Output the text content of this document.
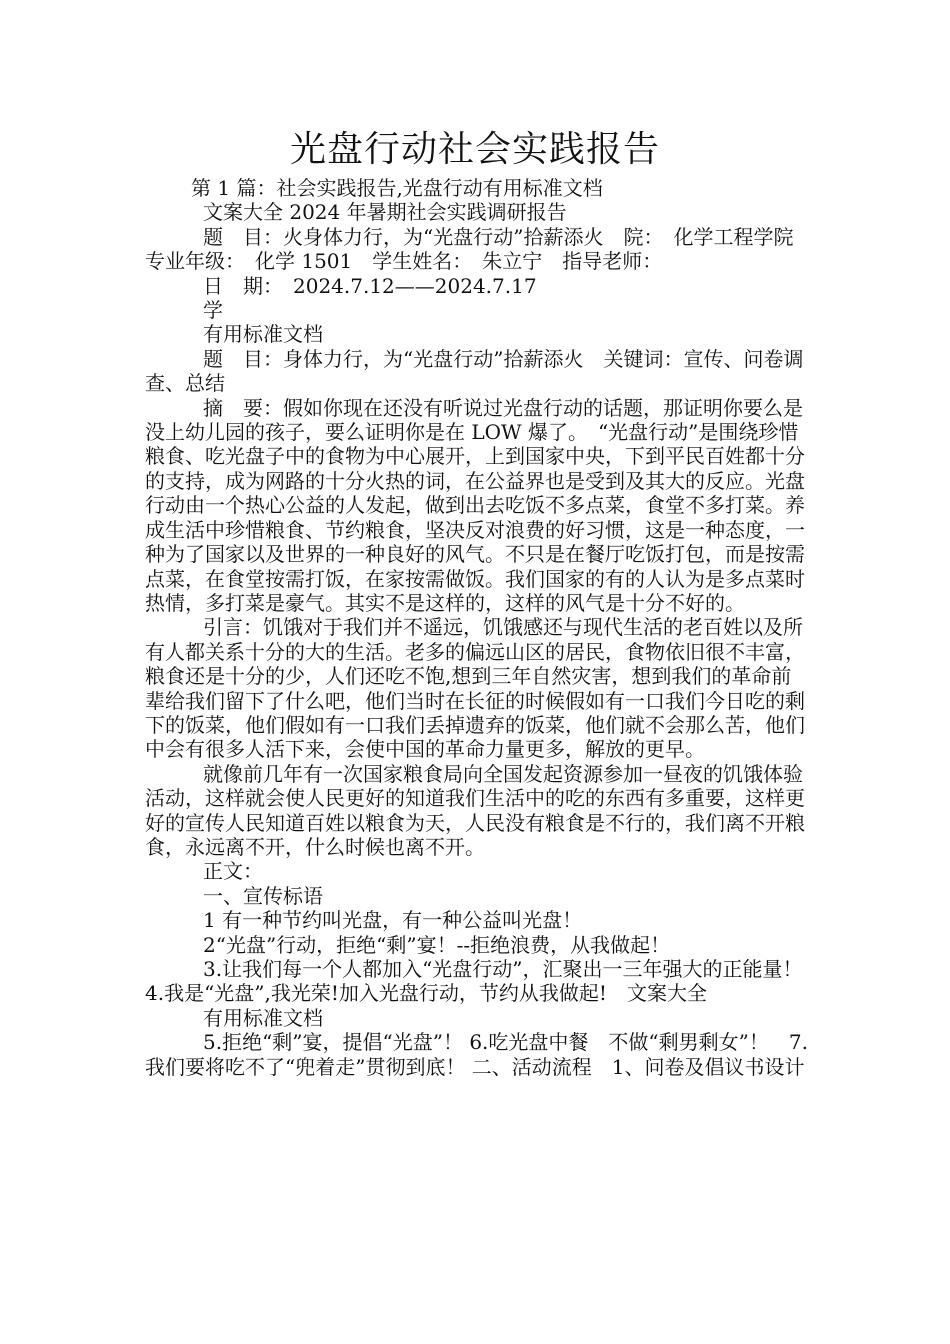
光盘行动社会实践报告

第 1 篇：社会实践报告,光盘行动有用标准文档

文案大全 2024 年暑期社会实践调研报告

题　目：火身体力行，为“光盘行动”拾薪添火　院：　化学工程学院　专业年级：　化学 1501　学生姓名：　朱立宁　指导老师：

日　期：　2024.7.12——2024.7.17

学

有用标准文档

题　目：身体力行，为“光盘行动”拾薪添火　关键词：宣传、问卷调查、总结

摘　要：假如你现在还没有听说过光盘行动的话题，那证明你要么是没上幼儿园的孩子，要么证明你是在 LOW 爆了。　“光盘行动”是围绕珍惜粮食、吃光盘子中的食物为中心展开，上到国家中央，下到平民百姓都十分的支持，成为网路的十分火热的词，在公益界也是受到及其大的反应。光盘行动由一个热心公益的人发起，做到出去吃饭不多点菜，食堂不多打菜。养成生活中珍惜粮食、节约粮食，坚决反对浪费的好习惯，这是一种态度，一种为了国家以及世界的一种良好的风气。不只是在餐厅吃饭打包，而是按需点菜，在食堂按需打饭，在家按需做饭。我们国家的有的人认为是多点菜时热情，多打菜是豪气。其实不是这样的，这样的风气是十分不好的。

引言：饥饿对于我们并不遥远，饥饿感还与现代生活的老百姓以及所有人都关系十分的大的生活。老多的偏远山区的居民，食物依旧很不丰富，粮食还是十分的少，人们还吃不饱,想到三年自然灾害，想到我们的革命前辈给我们留下了什么吧，他们当时在长征的时候假如有一口我们今日吃的剩下的饭菜，他们假如有一口我们丢掉遗弃的饭菜，他们就不会那么苦，他们中会有很多人活下来，会使中国的革命力量更多，解放的更早。

就像前几年有一次国家粮食局向全国发起资源参加一昼夜的饥饿体验活动，这样就会使人民更好的知道我们生活中的吃的东西有多重要，这样更好的宣传人民知道百姓以粮食为天，人民没有粮食是不行的，我们离不开粮食，永远离不开，什么时候也离不开。

正文：

一、宣传标语

1 有一种节约叫光盘，有一种公益叫光盘！

2“光盘”行动，拒绝“剩”宴！--拒绝浪费，从我做起！

3.让我们每一个人都加入“光盘行动”，汇聚出一三年强大的正能量！　4.我是“光盘”,我光荣!加入光盘行动，节约从我做起!　文案大全

有用标准文档

5.拒绝“剩”宴，提倡“光盘”！ 6.吃光盘中餐　不做“剩男剩女”！　7.我们要将吃不了“兜着走”贯彻到底！ 二、活动流程　1、问卷及倡议书设计
